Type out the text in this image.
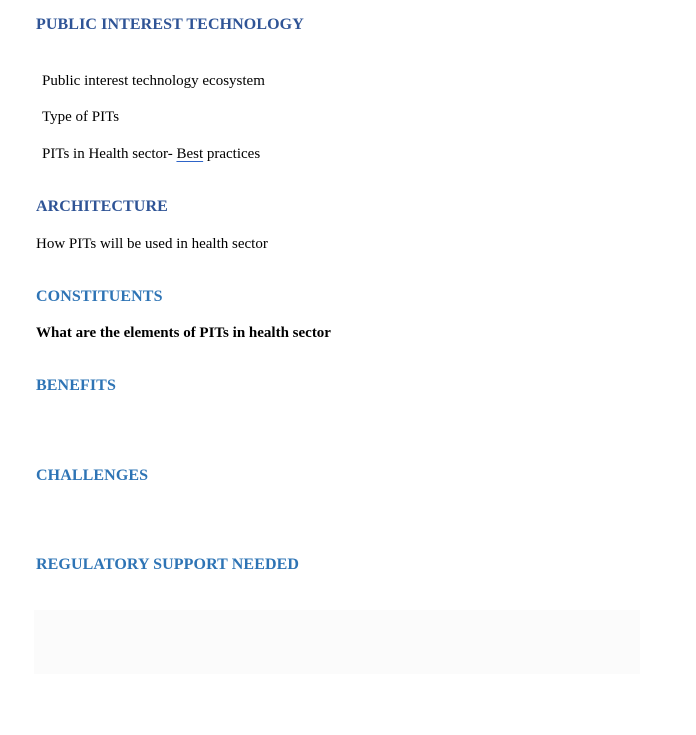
PUBLIC INTEREST TECHNOLOGY

Public interest technology ecosystem

Type of PITs

PITs in Health sector- Best practices

ARCHITECTURE

How PITs will be used in health sector

CONSTITUENTS

What are the elements of PITs in health sector

BENEFITS
CHALLENGES
REGULATORY SUPPORT NEEDED
